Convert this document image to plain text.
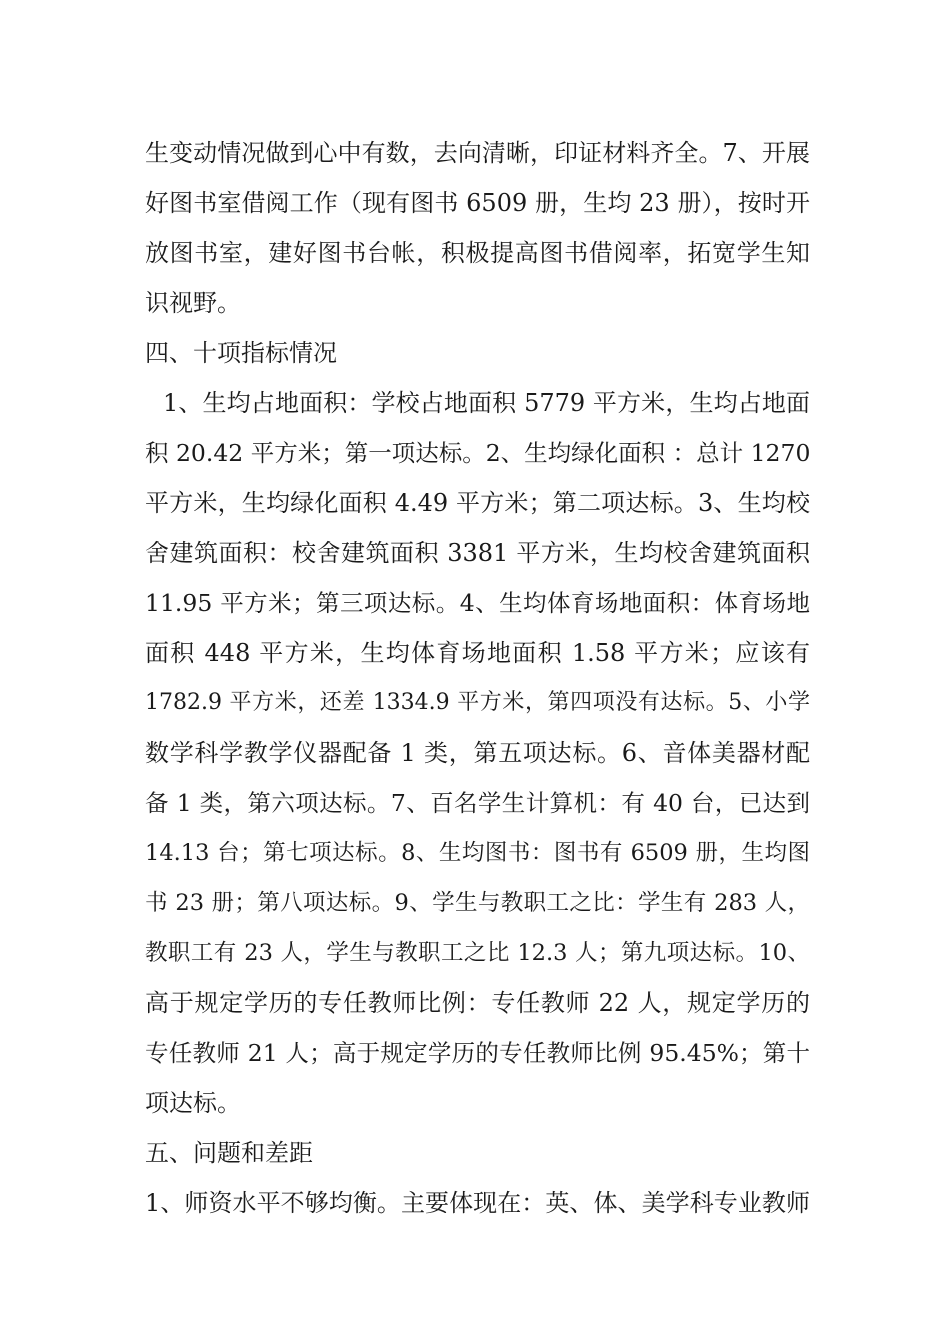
生变动情况做到心中有数，去向清晰，印证材料齐全。7、开展
好图书室借阅工作（现有图书 6509 册，生均 23 册），按时开
放图书室，建好图书台帐，积极提高图书借阅率，拓宽学生知
识视野。
四、十项指标情况
1、生均占地面积：学校占地面积 5779 平方米，生均占地面
积 20.42 平方米；第一项达标。2、生均绿化面积 ：总计 1270
平方米，生均绿化面积 4.49 平方米；第二项达标。3、生均校
舍建筑面积：校舍建筑面积 3381 平方米，生均校舍建筑面积
11.95 平方米；第三项达标。4、生均体育场地面积：体育场地
面积 448 平方米，生均体育场地面积 1.58 平方米；应该有
1782.9 平方米，还差 1334.9 平方米，第四项没有达标。5、小学
数学科学教学仪器配备 1 类，第五项达标。6、音体美器材配
备 1 类，第六项达标。7、百名学生计算机：有 40 台，已达到
14.13 台；第七项达标。8、生均图书：图书有 6509 册，生均图
书 23 册；第八项达标。9、学生与教职工之比：学生有 283 人，
教职工有 23 人，学生与教职工之比 12.3 人；第九项达标。10、
高于规定学历的专任教师比例：专任教师 22 人，规定学历的
专任教师 21 人；高于规定学历的专任教师比例 95.45%；第十
项达标。
五、问题和差距
1、师资水平不够均衡。主要体现在：英、体、美学科专业教师
